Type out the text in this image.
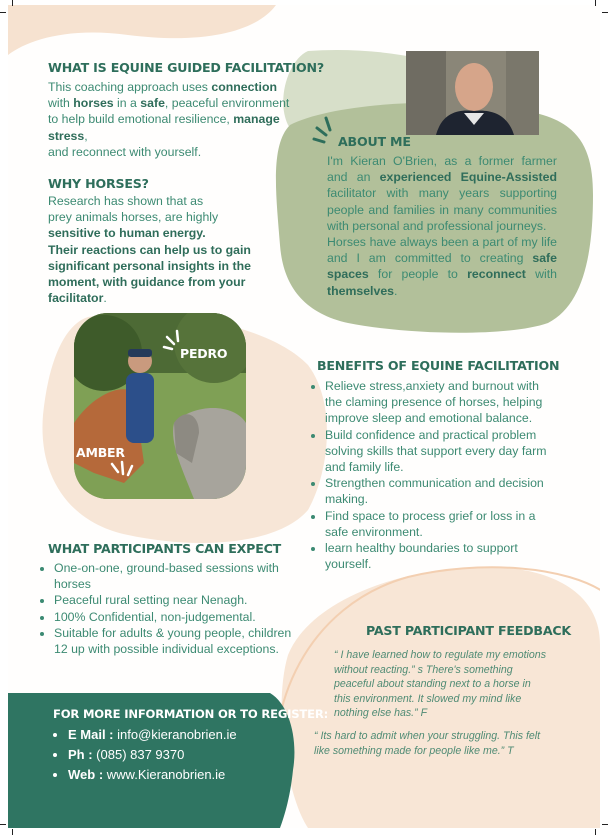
PEDRO
AMBER
WHAT IS EQUINE GUIDED FACILITATION?
This coaching approach uses connection
with horses in a safe, peaceful environment to help build emotional resilience, manage stress,
and reconnect with yourself.
WHY HORSES?
Research has shown that as
prey animals horses, are highly
sensitive to human energy.
Their reactions can help us to gain significant personal insights in the moment, with guidance from your facilitator.
ABOUT ME
I'm Kieran O'Brien, as a former farmer and an experienced Equine-Assisted facilitator with many years supporting people and families in many communities with personal and professional journeys.
Horses have always been a part of my life and I am committed to creating safe spaces for people to reconnect with themselves.
BENEFITS OF EQUINE FACILITATION
• Relieve stress,anxiety and burnout with the claming presence of horses, helping improve sleep and emotional balance.
• Build confidence and practical problem solving skills that support every day farm and family life.
• Strengthen communication and decision making.
• Find space to process grief or loss in a safe environment.
• learn healthy boundaries to support yourself.
WHAT PARTICIPANTS CAN EXPECT
• One-on-one, ground-based sessions with horses
• Peaceful rural setting near Nenagh.
• 100% Confidential, non-judgemental.
• Suitable for adults & young people, children 12 up with possible individual exceptions.
PAST PARTICIPANT FEEDBACK
“ I have learned how to regulate my emotions without reacting.” s There's something peaceful about standing next to a horse in this environment. It slowed my mind like nothing else has.” F
“ Its hard to admit when your struggling. This felt like something made for people like me.” T
FOR MORE INFORMATION OR TO REGISTER:
• E Mail : info@kieranobrien.ie
• Ph : (085) 837 9370
• Web : www.Kieranobrien.ie
